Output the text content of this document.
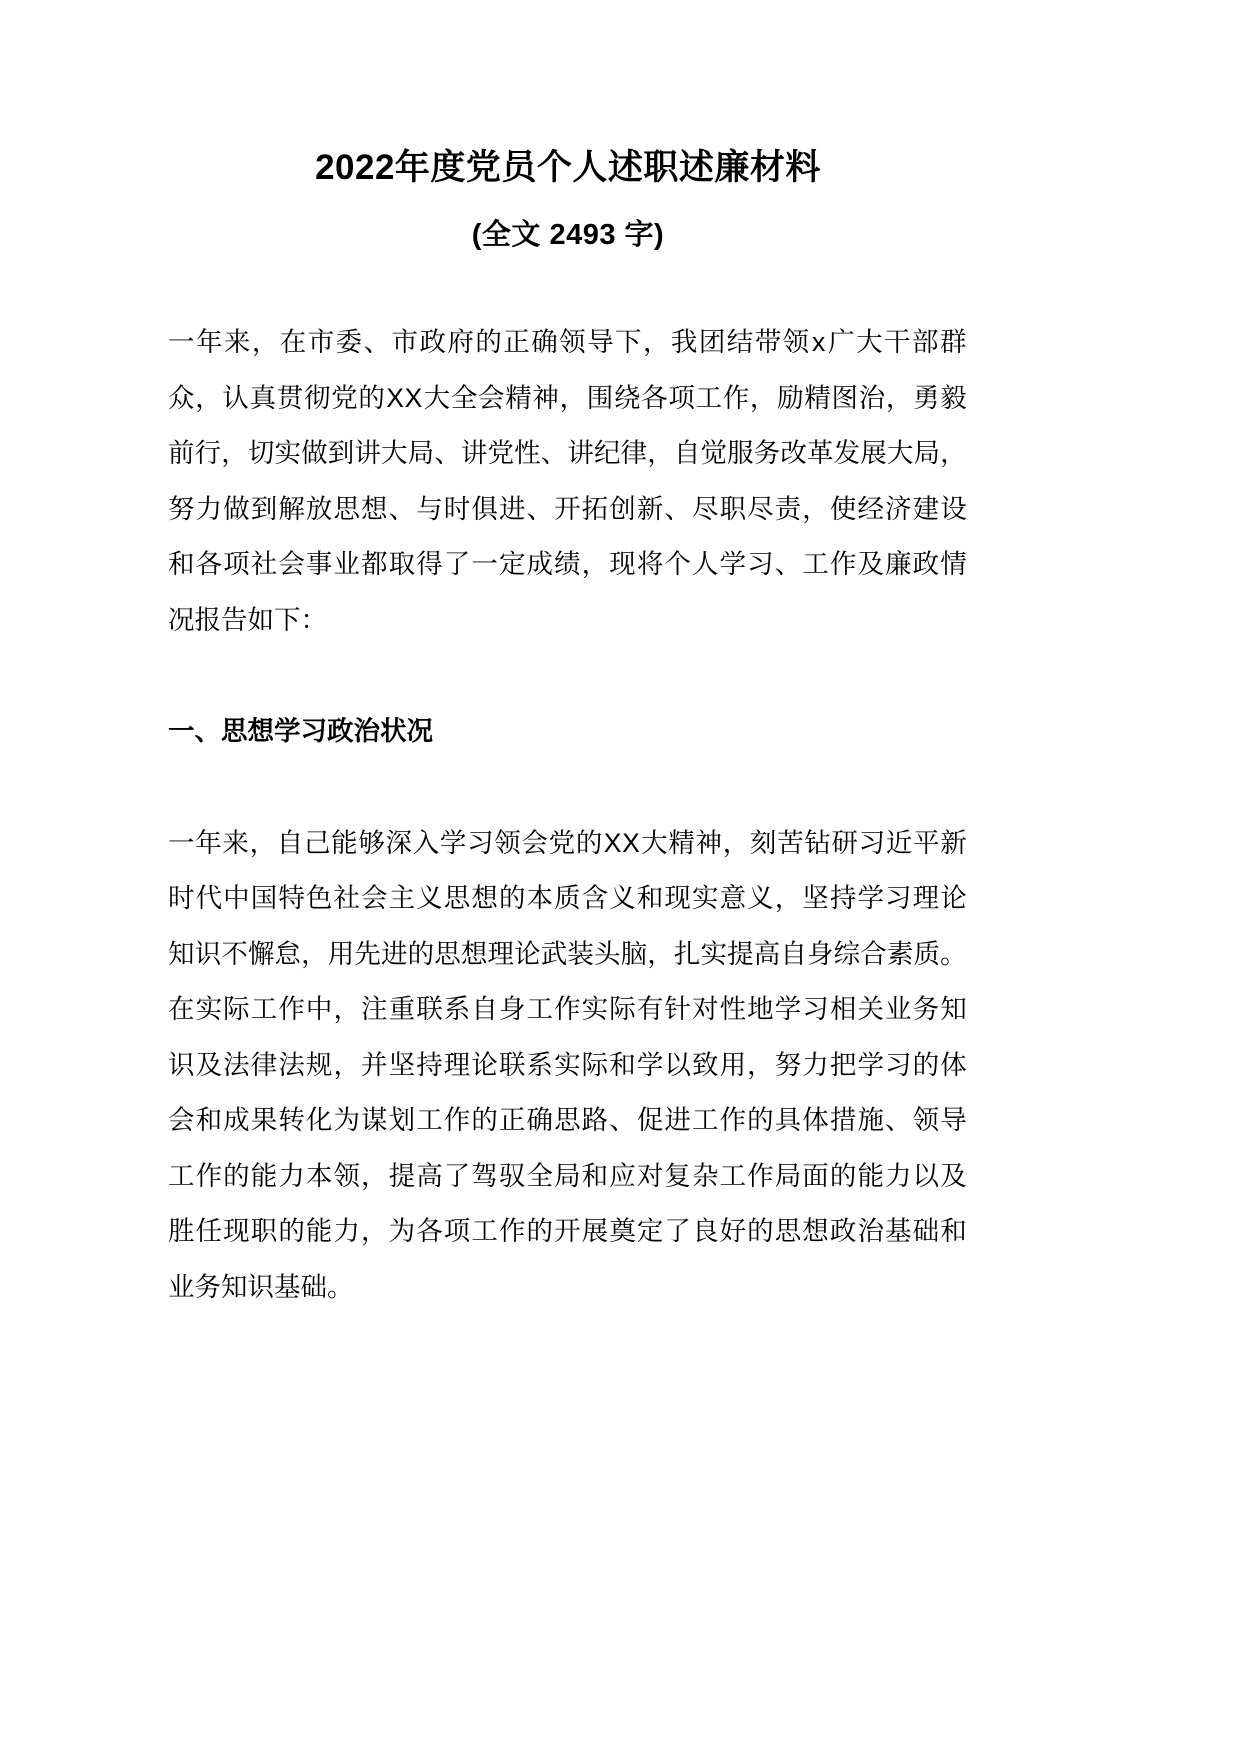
2022年度党员个人述职述廉材料
(全文 2493 字)
一 年 来 ， 在 市 委 、 市 政 府 的 正 确 领 导 下 ， 我 团 结 带 领 x 广 大 干 部 群
众 ， 认 真 贯 彻 党 的  X X  大 全 会 精 神 ， 围 绕 各 项 工 作 ， 励 精 图 治 ， 勇 毅
前 行 ， 切 实 做 到 讲 大 局 、 讲 党 性 、 讲 纪 律 ， 自 觉 服 务 改 革 发 展 大 局 ，
努 力 做 到 解 放 思 想 、 与 时 俱 进 、 开 拓 创 新 、 尽 职 尽 责 ， 使 经 济 建 设
和 各 项 社 会 事 业 都 取 得 了 一 定 成 绩 ， 现 将 个 人 学 习 、 工 作 及 廉 政 情
况报告如下：
一、思想学习政治状况
一 年 来 ， 自 己 能 够 深 入 学 习 领 会 党 的  X X  大 精 神 ， 刻 苦 钻 研 习 近 平 新
时 代 中 国 特 色 社 会 主 义 思 想 的 本 质 含 义 和 现 实 意 义 ， 坚 持 学 习 理 论
知 识 不 懈 怠 ， 用 先 进 的 思 想 理 论 武 装 头 脑 ， 扎 实 提 高 自 身 综 合 素 质 。
在 实 际 工 作 中 ， 注 重 联 系 自 身 工 作 实 际 有 针 对 性 地 学 习 相 关 业 务 知
识 及 法 律 法 规 ， 并 坚 持 理 论 联 系 实 际 和 学 以 致 用 ， 努 力 把 学 习 的 体
会 和 成 果 转 化 为 谋 划 工 作 的 正 确 思 路 、 促 进 工 作 的 具 体 措 施 、 领 导
工 作 的 能 力 本 领 ， 提 高 了 驾 驭 全 局 和 应 对 复 杂 工 作 局 面 的 能 力 以 及
胜 任 现 职 的 能 力 ， 为 各 项 工 作 的 开 展 奠 定 了 良 好 的 思 想 政 治 基 础 和
业务知识基础。
